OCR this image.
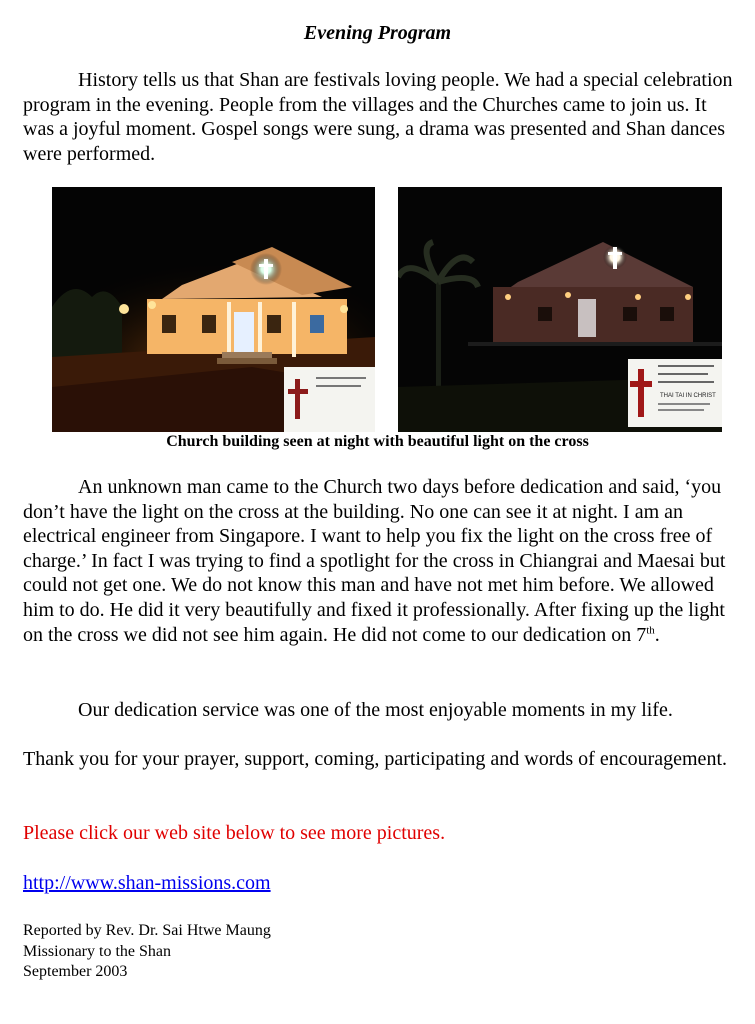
Evening Program

History tells us that Shan are festivals loving people. We had a special celebration program in the evening. People from the villages and the Churches came to join us. It was a joyful moment. Gospel songs were sung, a drama was presented and Shan dances were performed.

THAI TAI IN CHRIST
Church building seen at night with beautiful light on the cross

An unknown man came to the Church two days before dedication and said, ‘you don’t have the light on the cross at the building. No one can see it at night. I am an electrical engineer from Singapore. I want to help you fix the light on the cross free of charge.’ In fact I was trying to find a spotlight for the cross in Chiangrai and Maesai but could not get one. We do not know this man and have not met him before. We allowed him to do. He did it very beautifully and fixed it professionally. After fixing up the light on the cross we did not see him again. He did not come to our dedication on 7th.

Our dedication service was one of the most enjoyable moments in my life.

Thank you for your prayer, support, coming, participating and words of encouragement.

Please click our web site below to see more pictures.

http://www.shan-missions.com

Reported by Rev. Dr. Sai Htwe Maung
Missionary to the Shan
September 2003
